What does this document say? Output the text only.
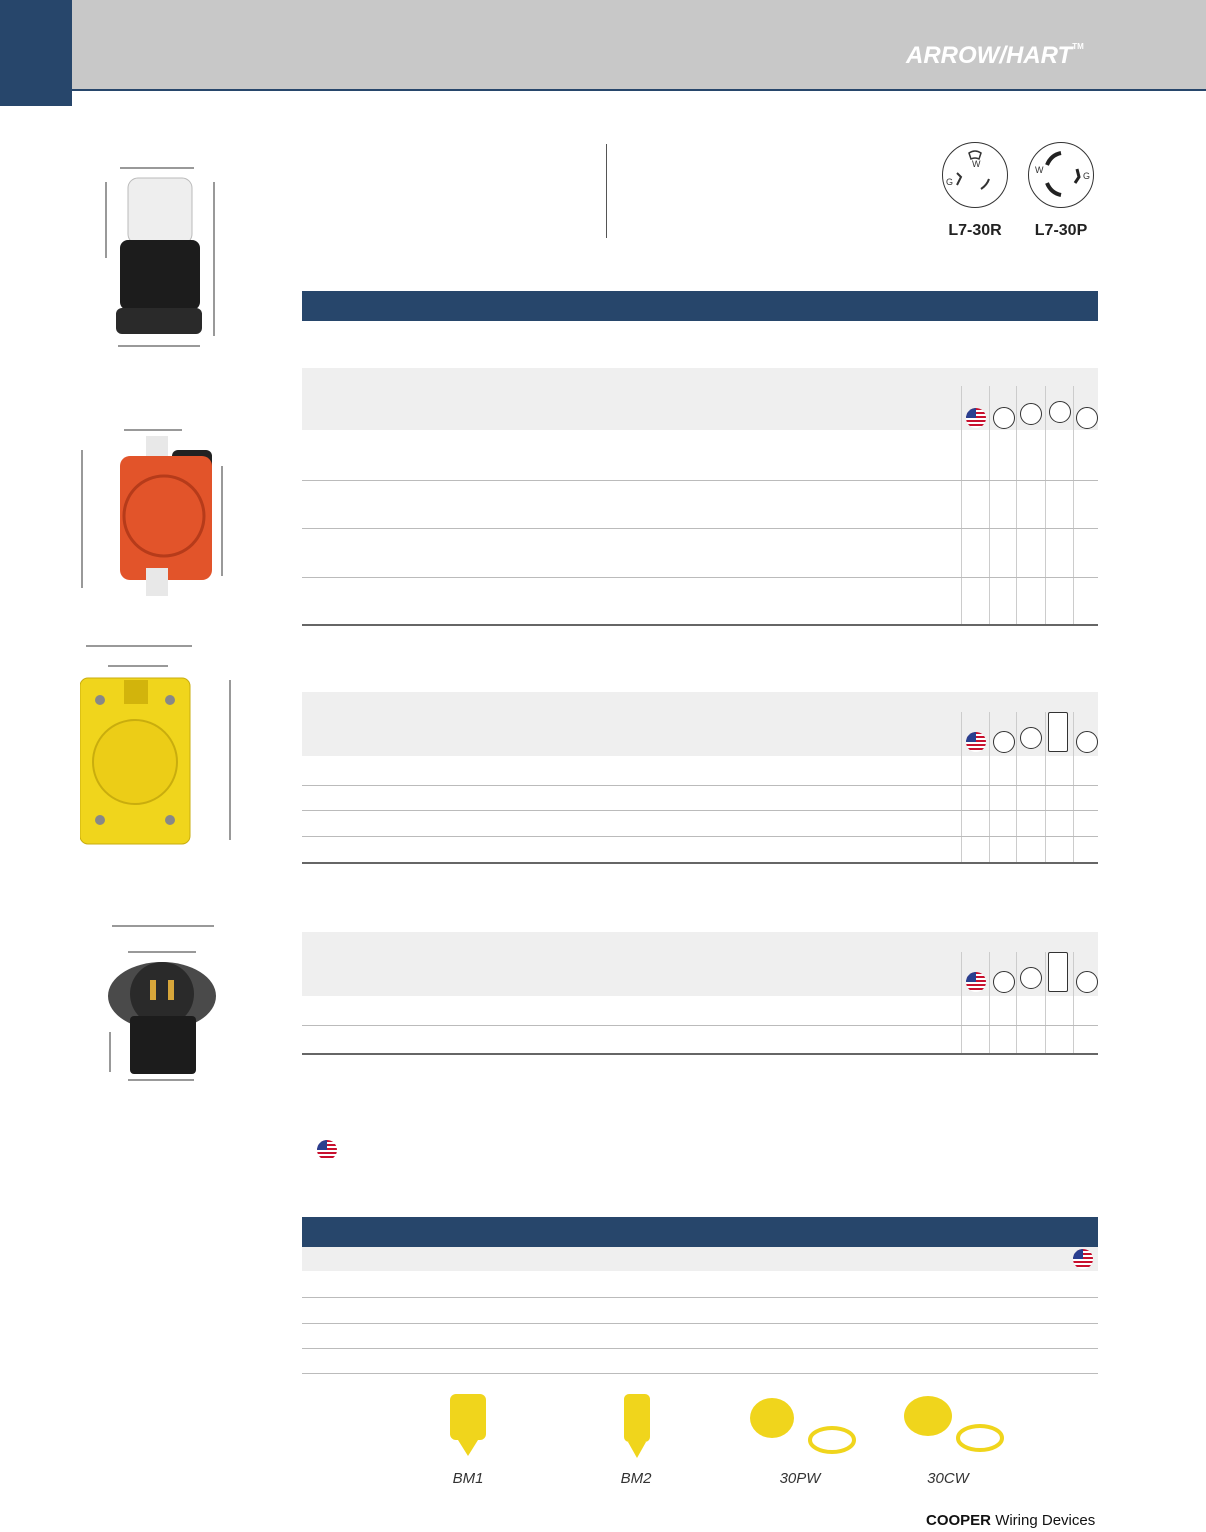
ARROW/HART™
W
G
W
G
L7-30R	L7-30P
BM1	BM2	30PW	30CW
COOPER Wiring Devices
